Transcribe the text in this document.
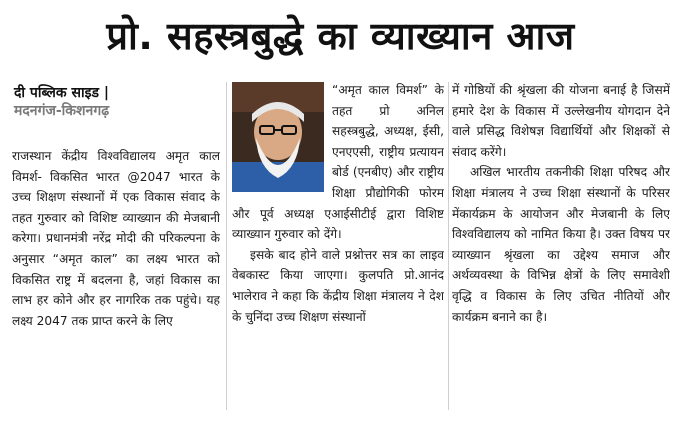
प्रो. सहस्त्रबुद्धे का व्याख्यान आज
दी पब्लिक साइड |
मदनगंज-किशनगढ़

राजस्थान केंद्रीय विश्वविद्यालय अमृत काल विमर्श- विकसित भारत @2047 भारत के उच्च शिक्षण संस्थानों में एक विकास संवाद के तहत गुरुवार को विशिष्ट व्याख्यान की मेजबानी करेगा। प्रधानमंत्री नरेंद्र मोदी की परिकल्पना के अनुसार “अमृत काल” का लक्ष्य भारत को विकसित राष्ट्र में बदलना है, जहां विकास का लाभ हर कोने और हर नागरिक तक पहुंचे। यह लक्ष्य 2047 तक प्राप्त करने के लिए

“अमृत काल विमर्श” के तहत प्रो अनिल सहस्त्रबुद्धे, अध्यक्ष, ईसी, एनएएसी, राष्ट्रीय प्रत्यायन बोर्ड (एनबीए) और राष्ट्रीय शिक्षा प्रौद्योगिकी फोरम और पूर्व अध्यक्ष एआईसीटीई द्वारा विशिष्ट व्याख्यान गुरुवार को देंगे।

इसके बाद होने वाले प्रश्नोत्तर सत्र का लाइव वेबकास्ट किया जाएगा। कुलपति प्रो.आनंद भालेराव ने कहा कि केंद्रीय शिक्षा मंत्रालय ने देश के चुनिंदा उच्च शिक्षण संस्थानों

में गोष्ठियों की श्रृंखला की योजना बनाई है जिसमें हमारे देश के विकास में उल्लेखनीय योगदान देने वाले प्रसिद्ध विशेषज्ञ विद्यार्थियों और शिक्षकों से संवाद करेंगे।

अखिल भारतीय तकनीकी शिक्षा परिषद और शिक्षा मंत्रालय ने उच्च शिक्षा संस्थानों के परिसर मेंकार्यक्रम के आयोजन और मेजबानी के लिए विश्वविद्यालय को नामित किया है। उक्त विषय पर व्याख्यान श्रृंखला का उद्देश्य समाज और अर्थव्यवस्था के विभिन्न क्षेत्रों के लिए समावेशी वृद्धि व विकास के लिए उचित नीतियों और कार्यक्रम बनाने का है।
